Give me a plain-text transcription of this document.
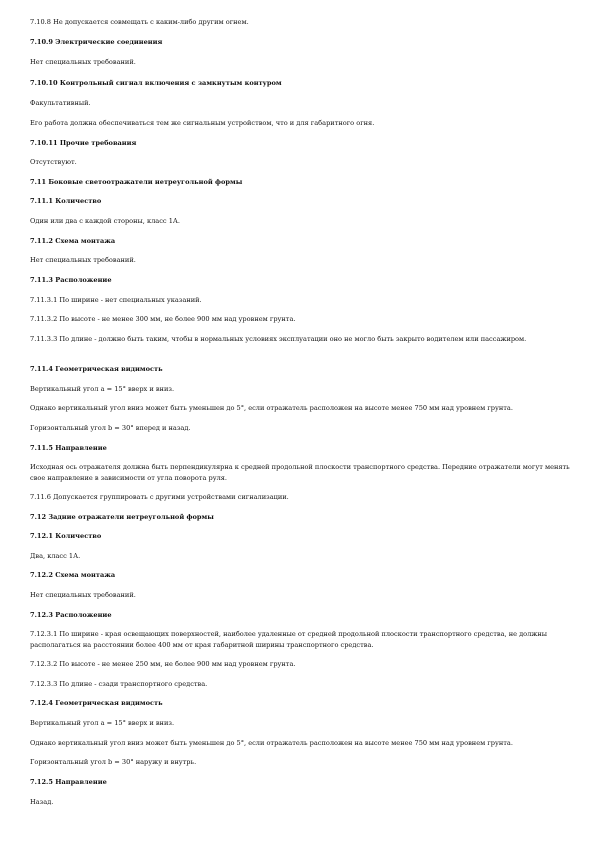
7.10.8 Не допускается совмещать с каким-либо другим огнем.

7.10.9 Электрические соединения

Нет специальных требований.

7.10.10 Контрольный сигнал включения с замкнутым контуром

Факультативный.

Его работа должна обеспечиваться тем же сигнальным устройством, что и для габаритного огня.

7.10.11 Прочие требования

Отсутствуют.

7.11 Боковые светоотражатели нетреугольной формы

7.11.1 Количество

Один или два с каждой стороны, класс 1А.

7.11.2 Схема монтажа

Нет специальных требований.

7.11.3 Расположение

7.11.3.1 По ширине - нет специальных указаний.

7.11.3.2 По высоте - не менее 300 мм, не более 900 мм над уровнем грунта.

7.11.3.3 По длине - должно быть таким, чтобы в нормальных условиях эксплуатации оно не могло быть закрыто водителем или пассажиром.

7.11.4 Геометрическая видимость

Вертикальный угол a = 15° вверх и вниз.

Однако вертикальный угол вниз может быть уменьшен до 5°, если отражатель расположен на высоте менее 750 мм над уровнем грунта.

Горизонтальный угол b = 30° вперед и назад.

7.11.5 Направление

Исходная ось отражателя должна быть перпендикулярна к средней продольной плоскости транспортного средства. Передние отражатели могут менять свое направление в зависимости от угла поворота руля.

7.11.6 Допускается группировать с другими устройствами сигнализации.

7.12 Задние отражатели нетреугольной формы

7.12.1 Количество

Два, класс 1А.

7.12.2 Схема монтажа

Нет специальных требований.

7.12.3 Расположение

7.12.3.1 По ширине - края освещающих поверхностей, наиболее удаленные от средней продольной плоскости транспортного средства, не должны располагаться на расстоянии более 400 мм от края габаритной ширины транспортного средства.

7.12.3.2 По высоте - не менее 250 мм, не более 900 мм над уровнем грунта.

7.12.3.3 По длине - сзади транспортного средства.

7.12.4 Геометрическая видимость

Вертикальный угол a = 15° вверх и вниз.

Однако вертикальный угол вниз может быть уменьшен до 5°, если отражатель расположен на высоте менее 750 мм над уровнем грунта.

Горизонтальный угол b = 30° наружу и внутрь.

7.12.5 Направление

Назад.
